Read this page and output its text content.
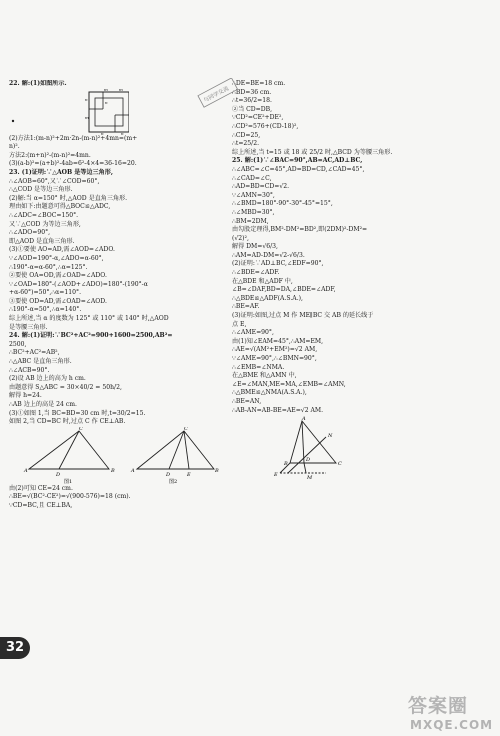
22. 解:(1)如图所示.
m	m
n
n
m
n	n
(2)方法1:(m-n)²+2m·2n-(m-n)²+4mn=(m+
n)².
方法2:(m+n)²-(m-n)²=4mn.
(3)(a-b)²=(a+b)²-4ab=6²-4×4=36-16=20.
23. (1)证明:∵△AOB 是等边三角形,
∴∠AOB=60°,又∵∠COD=60°,
∴△COD 是等边三角形.
(2)解:当 α=150° 时,△AOD 是直角三角形.
理由如下:由题意可得△BOC≌△ADC,
∴∠ADC=∠BOC=150°.
又∵△COD 为等边三角形,
∴∠ADO=90°,
即△AOD 是直角三角形.
(3)①要使 AO=AD,需∠AOD=∠ADO.
∵∠AOD=190°-α,∠ADO=α-60°,
∴190°-α=α-60°,∴α=125°.
②要使 OA=OD,需∠OAD=∠ADO.
∵∠OAD=180°-(∠AOD+∠ADO)=180°-(190°-α
+α-60°)=50°,∴α=110°.
③要使 OD=AD,需∠OAD=∠AOD.
∴190°-α=50°,∴α=140°.
综上所述,当 α 的度数为 125° 或 110° 或 140° 时,△AOD
是等腰三角形.
24. 解:(1)证明:∵BC²+AC²=900+1600=2500,AB²=
2500,
∴BC²+AC²=AB²,
∴△ABC 是直角三角形.
∴∠ACB=90°.
(2)设 AB 边上的高为 h cm.
由题意得 S△ABC = 30×40/2 = 50h/2,
解得 h=24.
∴AB 边上的高是 24 cm.
(3)①如图 1,当 BC=BD=30 cm 时,t=30/2=15.
如图 2,当 CD=BC 时,过点 C 作 CE⊥AB.
C
A
D
B
图1
C
A
D	E
B
图2
由(2)可知 CE=24 cm.
∴BE=√(BC²-CE²)=√(900-576)=18 (cm).
∵CD=BC,且 CE⊥BA,
∴DE=BE=18 cm.
∴BD=36 cm.
∴t=36/2=18.
②当 CD=DB,
∵CD²=CE²+DE²,
∴CD²=576+(CD-18)²,
∴CD=25,
∴t=25/2.
综上所述,当 t=15 或 18 或 25/2 时,△BCD 为等腰三角形.
25. 解:(1)∵∠BAC=90°,AB=AC,AD⊥BC,
∴∠ABC=∠C=45°,AD=BD=CD,∠CAD=45°,
∴∠CAD=∠C,
∴AD=BD=CD=√2.
∵∠AMN=30°,
∴∠BMD=180°-90°-30°-45°=15°,
∴∠MBD=30°,
∴BM=2DM,
由勾股定理得,BM²-DM²=BD²,即(2DM)²-DM²=
(√2)²,
解得 DM=√6/3,
∴AM=AD-DM=√2-√6/3.
(2)证明:∵AD⊥BC,∠EDF=90°,
∴∠BDE=∠ADF.
在△BDE 和△ADF 中,
∠B=∠DAF,BD=DA,∠BDE=∠ADF,
∴△BDE≌△ADF(A.S.A.),
∴BE=AF.
(3)证明:如图,过点 M 作 ME∥BC 交 AB 的延长线于
点 E,
∴∠AME=90°,
由(1)知∠EAM=45°,∴AM=EM,
∴AE=√(AM²+EM²)=√2 AM,
∵∠AME=90°,∴∠BMN=90°,
∴∠EMB=∠NMA.
在△BME 和△AMN 中,
∠E=∠MAN,ME=MA,∠EMB=∠AMN,
∴△BME≌△NMA(A.S.A.),
∴BE=AN,
∴AB-AN=AB-BE=AE=√2 AM.
A
N
D
B	C
E	M
与同学交流
32
答案圈
MXQE.COM
